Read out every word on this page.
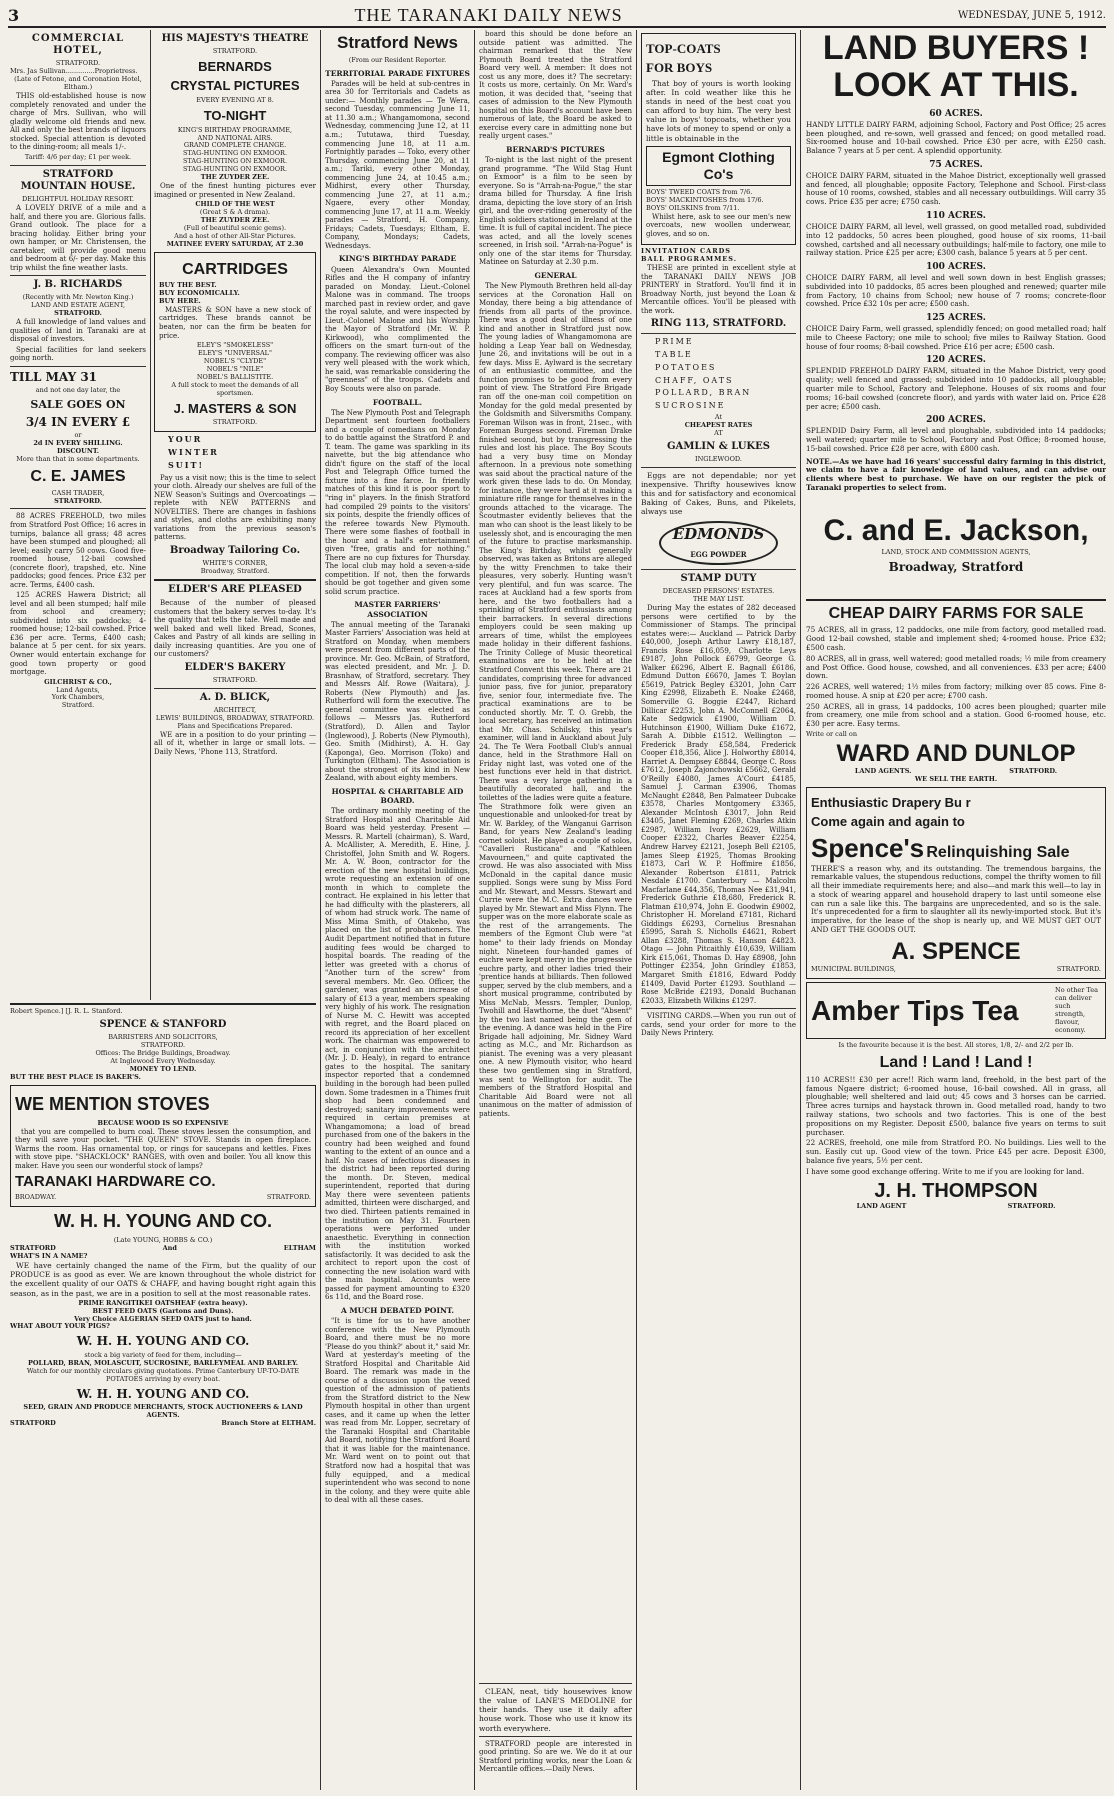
3	THE TARANAKI DAILY NEWS	WEDNESDAY, JUNE 5, 1912.
COMMERCIAL HOTEL,
STRATFORD.
Mrs. Jas Sullivan..............Proprietress.
(Late of Fetone, and Coronation Hotel, Eltham.)

THIS old-established house is now completely renovated and under the charge of Mrs. Sullivan, who will gladly welcome old friends and new. All and only the best brands of liquors stocked. Special attention is devoted to the dining-room; all meals 1/-.

Tariff: 4/6 per day; £1 per week.
STRATFORD MOUNTAIN HOUSE.
DELIGHTFUL HOLIDAY RESORT.

A LOVELY DRIVE of a mile and a half, and there you are. Glorious falls. Grand outlook. The place for a bracing holiday. Either bring your own hamper, or Mr. Christensen, the caretaker, will provide good menu and bedroom at 6/- per day. Make this trip whilst the fine weather lasts.

J. B. RICHARDS
(Recently with Mr. Newton King.)
LAND AND ESTATE AGENT,
STRATFORD.

A full knowledge of land values and qualities of land in Taranaki are at disposal of investors.

Special facilities for land seekers going north.

TILL MAY 31
and not one day later, the
SALE GOES ON
3/4 IN EVERY £
or
2d IN EVERY SHILLING.
DISCOUNT.
More than that in some departments.
C. E. JAMES
CASH TRADER,
STRATFORD.

88 ACRES FREEHOLD, two miles from Stratford Post Office; 16 acres in turnips, balance all grass; 48 acres have been stumped and ploughed; all level; easily carry 50 cows. Good five-roomed house, 12-bail cowshed (concrete floor), trapshed, etc. Nine paddocks; good fences. Price £32 per acre. Terms, £400 cash.

125 ACRES Hawera District; all level and all been stumped; half mile from school and creamery; subdivided into six paddocks; 4-roomed house; 12-bail cowshed. Price £36 per acre. Terms, £400 cash; balance at 5 per cent. for six years. Owner would entertain exchange for good town property or good mortgage.

GILCHRIST & CO.,
Land Agents,
York Chambers,
Stratford.
HIS MAJESTY'S THEATRE
STRATFORD.
BERNARDS
CRYSTAL PICTURES
EVERY EVENING AT 8.
TO-NIGHT
KING'S BIRTHDAY PROGRAMME,
AND NATIONAL AIRS.
GRAND COMPLETE CHANGE.
STAG-HUNTING ON EXMOOR.
STAG-HUNTING ON EXMOOR.
STAG-HUNTING ON EXMOOR.
THE ZUYDER ZEE.

One of the finest hunting pictures ever imagined or presented in New Zealand.

CHILD OF THE WEST
(Great S & A drama).
THE ZUYDER ZEE.
(Full of beautiful scenic gems).
And a host of other All-Star Pictures.
MATINEE EVERY SATURDAY, AT 2.30
CARTRIDGES
BUY THE BEST.
BUY ECONOMICALLY.
BUY HERE.

MASTERS & SON have a new stock of cartridges. These brands cannot be beaten, nor can the firm be beaten for price.

ELEY'S "SMOKELESS"
ELEY'S "UNIVERSAL"
NOBEL'S "CLYDE"
NOBEL'S "NILE"
NOBEL'S BALLISTITE.
A full stock to meet the demands of all sportsmen.
J. MASTERS & SON
STRATFORD.
YOUR
WINTER
SUIT!

Pay us a visit now; this is the time to select your cloth. Already our shelves are full of the NEW Season's Suitings and Overcoatings — replete with NEW PATTERNS and NOVELTIES. There are changes in fashions and styles, and cloths are exhibiting many variations from the previous season's patterns.

Broadway Tailoring Co.
WHITE'S CORNER,
Broadway, Stratford.
ELDER'S ARE PLEASED

Because of the number of pleased customers that the bakery serves to-day. It's the quality that tells the tale. Well made and well baked and well liked Bread, Scones, Cakes and Pastry of all kinds are selling in daily increasing quantities. Are you one of our customers?

ELDER'S BAKERY
STRATFORD.
A. D. BLICK,
ARCHITECT,
LEWIS' BUILDINGS, BROADWAY, STRATFORD.
Plans and Specifications Prepared.

WE are in a position to do your printing — all of it, whether in large or small lots. — Daily News, 'Phone 113, Stratford.

Robert Spence.] [J. R. L. Stanford.
SPENCE & STANFORD
BARRISTERS AND SOLICITORS,
STRATFORD.
Offices: The Bridge Buildings, Broadway.
At Inglewood Every Wednesday.
MONEY TO LEND.
BUT THE BEST PLACE IS BAKER'S.
WE MENTION STOVES
BECAUSE WOOD IS SO EXPENSIVE

that you are compelled to burn coal. These stoves lessen the consumption, and they will save your pocket. "THE QUEEN" STOVE. Stands in open fireplace. Warms the room. Has ornamental top, or rings for saucepans and kettles. Fixes with stove pipe. "SHACKLOCK" RANGES, with oven and boiler. You all know this maker. Have you seen our wonderful stock of lamps?

TARANAKI HARDWARE CO.
BROADWAY.	STRATFORD.
W. H. H. YOUNG AND CO.
(Late YOUNG, HOBBS & CO.)
STRATFORD	And	ELTHAM
WHAT'S IN A NAME?

WE have certainly changed the name of the Firm, but the quality of our PRODUCE is as good as ever. We are known throughout the whole district for the excellent quality of our OATS & CHAFF, and having bought right again this season, as in the past, we are in a position to sell at the most reasonable rates.

PRIME RANGITIKEI OATSHEAF (extra heavy).
BEST FEED OATS (Gartons and Duns).
Very Choice ALGERIAN SEED OATS just to hand.
WHAT ABOUT YOUR PIGS?
W. H. H. YOUNG AND CO.
stock a big variety of feed for them, including—
POLLARD, BRAN, MOLASCUIT, SUCROSINE, BARLEYMEAL AND BARLEY.
Watch for our monthly circulars giving quotations. Prime Canterbury UP-TO-DATE POTATOES arriving by every boat.
W. H. H. YOUNG AND CO.
SEED, GRAIN AND PRODUCE MERCHANTS, STOCK AUCTIONEERS & LAND AGENTS.
STRATFORD	Branch Store at ELTHAM.
Stratford News
(From our Resident Reporter.
TERRITORIAL PARADE FIXTURES

Parades will be held at sub-centres in area 30 for Territorials and Cadets as under:— Monthly parades — Te Wera, second Tuesday, commencing June 11, at 11.30 a.m.; Whangamomona, second Wednesday, commencing June 12, at 11 a.m.; Tututawa, third Tuesday, commencing June 18, at 11 a.m. Fortnightly parades — Toko, every other Thursday, commencing June 20, at 11 a.m.; Tariki, every other Monday, commencing June 24, at 10.45 a.m.; Midhirst, every other Thursday, commencing June 27, at 11 a.m.; Ngaere, every other Monday, commencing June 17, at 11 a.m. Weekly parades — Stratford, H. Company, Fridays; Cadets, Tuesdays; Eltham, E. Company, Mondays; Cadets, Wednesdays.

KING'S BIRTHDAY PARADE

Queen Alexandra's Own Mounted Rifles and the H company of infantry paraded on Monday. Lieut.-Colonel Malone was in command. The troops marched past in review order, and gave the royal salute, and were inspected by Lieut.-Colonel Malone and his Worship the Mayor of Stratford (Mr. W. P. Kirkwood), who complimented the officers on the smart turn-out of the company. The reviewing officer was also very well pleased with the work which, he said, was remarkable considering the "greenness" of the troops. Cadets and Boy Scouts were also on parade.

FOOTBALL.

The New Plymouth Post and Telegraph Department sent fourteen footballers and a couple of comedians on Monday to do battle against the Stratford P. and T. team. The game was sparkling in its naivette, but the big attendance who didn't figure on the staff of the local Post and Telegraph Office turned the fixture into a fine farce. In friendly matches of this kind it is poor sport to "ring in" players. In the finish Stratford had compiled 29 points to the visitors' six points, despite the friendly offices of the referee towards New Plymouth. There were some flashes of football in the hour and a half's entertainment given "free, gratis and for nothing." There are no cup fixtures for Thursday. The local club may hold a seven-a-side competition. If not, then the forwards should be got together and given some solid scrum practice.

MASTER FARRIERS' ASSOCIATION

The annual meeting of the Taranaki Master Farriers' Association was held at Stratford on Monday, when members were present from different parts of the province. Mr. Geo. McBain, of Stratford, was elected president, and Mr. J. D. Brasnhaw, of Stratford, secretary. They and Messrs Alf. Rowe (Waitara), J. Roberts (New Plymouth) and Jas. Rutherford will form the executive. The general committee was elected as follows — Messrs Jas. Rutherford (Stratford), D. Allen and Taylor (Inglewood), J. Roberts (New Plymouth), Geo. Smith (Midhirst), A. H. Gay (Kaponga), Geo. Morrison (Toko) and Turkington (Eltham). The Association is about the strongest of its kind in New Zealand, with about eighty members.

HOSPITAL & CHARITABLE AID BOARD.

The ordinary monthly meeting of the Stratford Hospital and Charitable Aid Board was held yesterday. Present — Messrs. R. Martell (chairman), S. Ward, A. McAllister, A. Meredith, E. Hine, J. Christoffel, John Smith and W. Rogers. Mr. A. W. Boon, contractor for the erection of the new hospital buildings, wrote requesting an extension of one month in which to complete the contract. He explained in his letter that he had difficulty with the plasterers, all of whom had struck work. The name of Miss Mima Smith, of Otakeho, was placed on the list of probationers. The Audit Department notified that in future auditing fees would be charged to hospital boards. The reading of the letter was greeted with a chorus of "Another turn of the screw" from several members. Mr. Geo. Officer, the gardener, was granted an increase of salary of £13 a year, members speaking very highly of his work. The resignation of Nurse M. C. Hewitt was accepted with regret, and the Board placed on record its appreciation of her excellent work. The chairman was empowered to act, in conjunction with the architect (Mr. J. D. Healy), in regard to entrance gates to the hospital. The sanitary inspector reported that a condemned building in the borough had been pulled down. Some tradesmen in a Thimes fruit shop had been condemned and destroyed; sanitary improvements were required in certain premises at Whangamomona; a load of bread purchased from one of the bakers in the country had been weighed and found wanting to the extent of an ounce and a half. No cases of infectious diseases in the district had been reported during the month. Dr. Steven, medical superintendent, reported that during May there were seventeen patients admitted, thirteen were discharged, and two died. Thirteen patients remained in the institution on May 31. Fourteen operations were performed under anaesthetic. Everything in connection with the institution worked satisfactorily. It was decided to ask the architect to report upon the cost of connecting the new isolation ward with the main hospital. Accounts were passed for payment amounting to £320 6s 11d, and the Board rose.

A MUCH DEBATED POINT.

"It is time for us to have another conference with the New Plymouth Board, and there must be no more 'Please do you think?' about it," said Mr. Ward at yesterday's meeting of the Stratford Hospital and Charitable Aid Board. The remark was made in the course of a discussion upon the vexed question of the admission of patients from the Stratford district to the New Plymouth hospital in other than urgent cases, and it came up when the letter was read from Mr. Lopper, secretary of the Taranaki Hospital and Charitable Aid Board, notifying the Stratford Board that it was liable for the maintenance. Mr. Ward went on to point out that Stratford now had a hospital that was fully equipped, and a medical superintendent who was second to none in the colony, and they were quite able to deal with all these cases.

board this should be done before an outside patient was admitted. The chairman remarked that the New Plymouth Board treated the Stratford Board very well. A member: It does not cost us any more, does it? The secretary: It costs us more, certainly. On Mr. Ward's motion, it was decided that, "seeing that cases of admission to the New Plymouth hospital on this Board's account have been numerous of late, the Board be asked to exercise every care in admitting none but really urgent cases."

BERNARD'S PICTURES

To-night is the last night of the present grand programme. "The Wild Stag Hunt on Exmoor" is a film to be seen by everyone. So is "Arrah-na-Pogue," the star drama billed for Thursday. A fine Irish drama, depicting the love story of an Irish girl, and the over-riding generosity of the English soldiers stationed in Ireland at the time. It is full of capital incident. The piece was acted, and all the lovely scenes screened, in Irish soil. "Arrah-na-Pogue" is only one of the star items for Thursday. Matinee on Saturday at 2.30 p.m.

GENERAL

The New Plymouth Brethren held all-day services at the Coronation Hall on Monday, there being a big attendance of friends from all parts of the province. There was a good deal of illness of one kind and another in Stratford just now. The young ladies of Whangamomona are holding a Leap Year ball on Wednesday, June 26, and invitations will be out in a few days. Miss E. Aylward is the secretary of an enthusiastic committee, and the function promises to be good from every point of view. The Stratford Fire Brigade ran off the one-man coil competition on Monday for the gold medal presented by the Goldsmith and Silversmiths Company. Foreman Wilson was in front, 21sec., with Foreman Burgess second. Fireman Drake finished second, but by transgressing the rules and lost his place. The Boy Scouts had a very busy time on Monday afternoon. In a previous note something was said about the practical nature of the work given these lads to do. On Monday, for instance, they were hard at it making a miniature rifle range for themselves in the grounds attached to the vicarage. The Scoutmaster evidently believes that the man who can shoot is the least likely to be uselessly shot, and is encouraging the men of the future to practise marksmanship. The King's Birthday, whilst generally observed, was taken as Britons are alleged by the witty Frenchmen to take their pleasures, very soberly. Hunting wasn't very plentiful, and fun was scarce. The races at Auckland had a few sports from here, and the two footballers had a sprinkling of Stratford enthusiasts among their barrackers. In several directions employers could be seen making up arrears of time, whilst the employees made holiday in their different fashions. The Trinity College of Music theoretical examinations are to be held at the Stratford Convent this week. There are 21 candidates, comprising three for advanced junior pass, five for junior, preparatory five, senior four, intermediate five. The practical examinations are to be conducted shortly. Mr. T. O. Grebb, the local secretary, has received an intimation that Mr. Chas. Schilsky, this year's examiner, will land in Auckland about July 24. The Te Wera Football Club's annual dance, held in the Strathmore Hall on Friday night last, was voted one of the best functions ever held in that district. There was a very large gathering in a beautifully decorated hall, and the toilettes of the ladies were quite a feature. The Strathmore folk were given an unquestionable and unlooked-for treat by Mr. W. Barkley, of the Wanganui Garrison Band, for years New Zealand's leading cornet soloist. He played a couple of solos, "Cavalleri Rusticana" and "Kathleen Mavourneen," and quite captivated the crowd. He was also associated with Miss McDonald in the capital dance music supplied. Songs were sung by Miss Ford and Mr. Stewart, and Messrs. Stewart and Currie were the M.C. Extra dances were played by Mr. Stewart and Miss Flynn. The supper was on the more elaborate scale as the rest of the arrangements. The members of the Egmont Club were "at home" to their lady friends on Monday night. Nineteen four-handed games of euchre were kept merry in the progressive euchre party, and other ladies tried their 'prentice hands at billiards. Then followed supper, served by the club members, and a short musical programme, contributed by Miss McNab, Messrs. Templer, Dunlop, Twohill and Hawthorne, the duet "Absent" by the two last named being the gem of the evening. A dance was held in the Fire Brigade hall adjoining, Mr. Sidney Ward acting as M.C., and Mr. Richardson as pianist. The evening was a very pleasant one. A new Plymouth visitor, who heard these two gentlemen sing in Stratford, was sent to Wellington for audit. The members of the Stratford Hospital and Charitable Aid Board were not all unanimous on the matter of admission of patients.

CLEAN, neat, tidy housewives know the value of LANE'S MEDOLINE for their hands. They use it daily after house work. Those who use it know its worth everywhere.

STRATFORD people are interested in good printing. So are we. We do it at our Stratford printing works, near the Loan & Mercantile offices.—Daily News.

TOP-COATS
FOR BOYS

That boy of yours is worth looking after. In cold weather like this he stands in need of the best coat you can afford to buy him. The very best value in boys' topcoats, whether you have lots of money to spend or only a little is obtainable in the

Egmont Clothing Co's
BOYS' TWEED COATS from 7/6.
BOYS' MACKINTOSHES from 17/6.
BOYS' OILSKINS from 7/11.

Whilst here, ask to see our men's new overcoats, new woollen underwear, gloves, and so on.

INVITATION CARDS
BALL PROGRAMMES.

THESE are printed in excellent style at the TARANAKI DAILY NEWS JOB PRINTERY in Stratford. You'll find it in Broadway North, just beyond the Loan & Mercantile offices. You'll be pleased with the work.

RING 113, STRATFORD.
PRIME
TABLE
POTATOES
CHAFF, OATS
POLLARD, BRAN
SUCROSINE
At
CHEAPEST RATES
AT
GAMLIN & LUKES
INGLEWOOD.

Eggs are not dependable; nor yet inexpensive. Thrifty housewives know this and for satisfactory and economical Baking of Cakes, Buns, and Pikelets, always use

EDMONDS
EGG POWDER
STAMP DUTY
DECEASED PERSONS' ESTATES.
THE MAY LIST.

During May the estates of 282 deceased persons were certified to by the Commissioner of Stamps. The principal estates were:— Auckland — Patrick Darby £40,000, Joseph Arthur Lawry £18,187, Francis Rose £16,059, Charlotte Leys £9187, John Pollock £6799, George G. Walker £6296, Albert E. Bagnall £6186, Edmund Dutton £6670, James T. Boylan £5619, Patrick Begley £3201, John Carr King £2998, Elizabeth E. Noake £2468, Somerville G. Boggie £2447, Richard Dillicar £2253, John A. McConnell £2064, Kate Sedgwick £1900, William D. Hutchinson £1900, William Duke £1672, Sarah A. Dibble £1512. Wellington — Frederick Brady £58,584, Frederick Cooper £18,356, Alice J. Holworthy £8014, Harriet A. Dempsey £8844, George C. Ross £7612, Joseph Zajonchowski £5662, Gerald O'Reilly £4080, James A'Court £4185, Samuel J. Carman £3906, Thomas McNaught £2848, Ben Palmateer Dubcake £3578, Charles Montgomery £3365, Alexander McIntosh £3017, John Reid £3405, Janet Fleming £269, Charles Atkin £2987, William Ivory £2629, William Cooper £2322, Charles Beaver £2254, Andrew Harvey £2121, Joseph Bell £2105, James Sleep £1925, Thomas Brooking £1873, Carl W. P. Hoffmire £1856, Alexander Robertson £1811, Patrick Nesdale £1700. Canterbury — Malcolm Macfarlane £44,356, Thomas Nee £31,941, Frederick Guthrie £18,680, Frederick R. Flatman £10,974, John E. Goodwin £9002, Christopher H. Moreland £7181, Richard Giddings £6293, Cornelius Bresnahan £5995, Sarah S. Nicholls £4621, Robert Allan £3288, Thomas S. Hanson £4823. Otago — John Pitcaithly £10,639, William Kirk £15,061, Thomas D. Hay £8908, John Pottinger £2354, John Grindley £1853, Margaret Smith £1816, Edward Poddy £1409, David Porter £1293. Southland — Rose McBride £2193, Donald Buchanan £2033, Elizabeth Wilkins £1297.

VISITING CARDS.—When you run out of cards, send your order for more to the Daily News Printery.

LAND BUYERS !
LOOK AT THIS.
60 ACRES.

HANDY LITTLE DAIRY FARM, adjoining School, Factory and Post Office; 25 acres been ploughed, and re-sown, well grassed and fenced; on good metalled road. Six-roomed house and 10-bail cowshed. Price £30 per acre, with £250 cash. Balance 7 years at 5 per cent. A splendid opportunity.

75 ACRES.

CHOICE DAIRY FARM, situated in the Mahoe District, exceptionally well grassed and fenced, all ploughable; opposite Factory, Telephone and School. First-class house of 10 rooms, cowshed, stables and all necessary outbuildings. Will carry 35 cows. Price £35 per acre; £750 cash.

110 ACRES.

CHOICE DAIRY FARM, all level, well grassed, on good metalled road, subdivided into 12 paddocks, 50 acres been ploughed, good house of six rooms, 11-bail cowshed, cartshed and all necessary outbuildings; half-mile to factory, one mile to railway station. Price £25 per acre; £300 cash, balance 5 years at 5 per cent.

100 ACRES.

CHOICE DAIRY FARM, all level and well sown down in best English grasses; subdivided into 10 paddocks, 85 acres been ploughed and renewed; quarter mile from Factory, 10 chains from School; new house of 7 rooms; concrete-floor cowshed. Price £32 10s per acre; £500 cash.

125 ACRES.

CHOICE Dairy Farm, well grassed, splendidly fenced; on good metalled road; half mile to Cheese Factory; one mile to school; five miles to Railway Station. Good house of four rooms; 8-bail cowshed. Price £16 per acre; £500 cash.

120 ACRES.

SPLENDID FREEHOLD DAIRY FARM, situated in the Mahoe District, very good quality; well fenced and grassed; subdivided into 10 paddocks, all ploughable; quarter mile to School, Factory and Telephone. Houses of six rooms and four rooms; 16-bail cowshed (concrete floor), and yards with water laid on. Price £28 per acre; £500 cash.

200 ACRES.

SPLENDID Dairy Farm, all level and ploughable, subdivided into 14 paddocks; well watered; quarter mile to School, Factory and Post Office; 8-roomed house, 15-bail cowshed. Price £28 per acre, with £800 cash.

NOTE.—As we have had 16 years' successful dairy farming in this district, we claim to have a fair knowledge of land values, and can advise our clients where best to purchase. We have on our register the pick of Taranaki properties to select from.

C. and E. Jackson,
LAND, STOCK AND COMMISSION AGENTS,
Broadway, Stratford
CHEAP DAIRY FARMS FOR SALE

75 ACRES, all in grass, 12 paddocks, one mile from factory, good metalled road. Good 12-bail cowshed, stable and implement shed; 4-roomed house. Price £32; £500 cash.

80 ACRES, all in grass, well watered; good metalled roads; ½ mile from creamery and Post Office. Good house, cowshed, and all conveniences. £33 per acre; £400 down.

226 ACRES, well watered; 1½ miles from factory; milking over 85 cows. Fine 8-roomed house. A snip at £20 per acre; £700 cash.

250 ACRES, all in grass, 14 paddocks, 100 acres been ploughed; quarter mile from creamery, one mile from school and a station. Good 6-roomed house, etc. £30 per acre. Easy terms.

Write or call on
WARD AND DUNLOP
LAND AGENTS.	STRATFORD.
WE SELL THE EARTH.
Enthusiastic Drapery Bu r
Come again and again to
Spence's Relinquishing Sale

THERE'S a reason why, and its outstanding. The tremendous bargains, the remarkable values, the stupendous reductions, compel the thrifty women to fill all their immediate requirements here; and also—and mark this well—to lay in a stock of wearing apparel and household drapery to last until someone else can run a sale like this. The bargains are unprecedented, and so is the sale. It's unprecedented for a firm to slaughter all its newly-imported stock. But it's imperative, for the lease of the shop is nearly up, and WE MUST GET OUT AND GET THE GOODS OUT.

A. SPENCE
MUNICIPAL BUILDINGS,	STRATFORD.
Amber Tips Tea
No other Tea can deliver such strength, flavour, economy.
Is the favourite because it is the best. All stores, 1/8, 2/- and 2/2 per lb.
Land ! Land ! Land !

110 ACRES!! £30 per acre!! Rich warm land, freehold, in the best part of the famous Ngaere district; 6-roomed house, 16-bail cowshed. All in grass, all ploughable; well sheltered and laid out; 45 cows and 3 horses can be carried. Three acres turnips and haystack thrown in. Good metalled road, handy to two railway stations, two schools and two factories. This is one of the best propositions on my Register. Deposit £500, balance five years on terms to suit purchaser.

22 ACRES, freehold, one mile from Stratford P.O. No buildings. Lies well to the sun. Easily cut up. Good view of the town. Price £45 per acre. Deposit £300, balance five years, 5½ per cent.

I have some good exchange offering. Write to me if you are looking for land.

J. H. THOMPSON
LAND AGENT	STRATFORD.
